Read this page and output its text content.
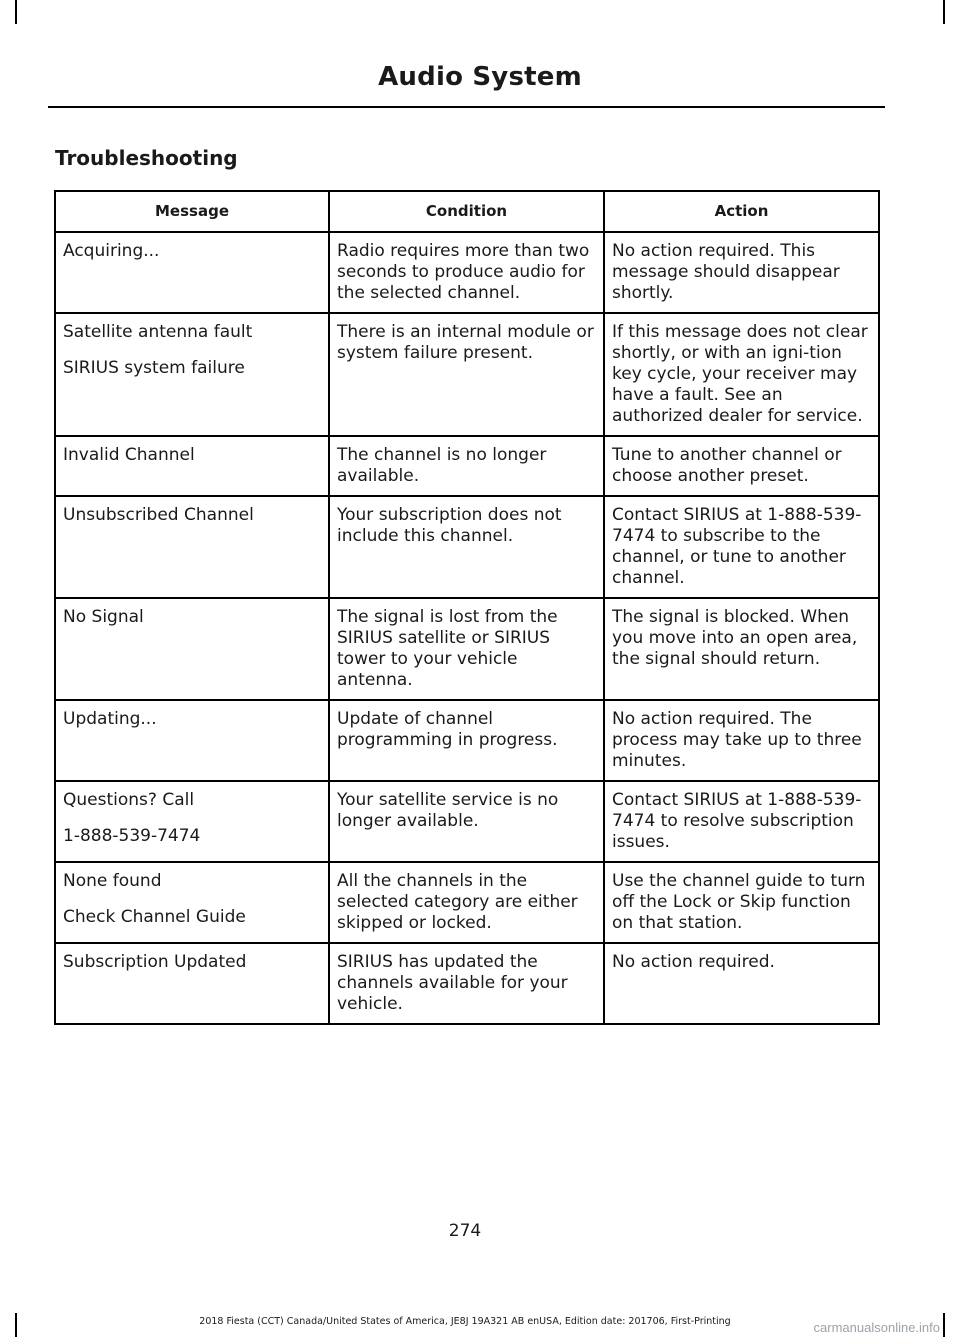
Audio System
Troubleshooting
Message	Condition	Action

Acquiring...	Radio requires more than two seconds to produce audio for the selected channel.	No action required. This message should disappear shortly.

Satellite antenna fault
SIRIUS system failure	There is an internal module or system failure present.	If this message does not clear shortly, or with an igni-tion key cycle, your receiver may have a fault. See an authorized dealer for service.

Invalid Channel	The channel is no longer available.	Tune to another channel or choose another preset.

Unsubscribed Channel	Your subscription does not include this channel.	Contact SIRIUS at 1-888-539-7474 to subscribe to the channel, or tune to another channel.

No Signal	The signal is lost from the SIRIUS satellite or SIRIUS tower to your vehicle antenna.	The signal is blocked. When you move into an open area, the signal should return.

Updating...	Update of channel programming in progress.	No action required. The process may take up to three minutes.

Questions? Call
1-888-539-7474	Your satellite service is no longer available.	Contact SIRIUS at 1-888-539-7474 to resolve subscription issues.

None found
Check Channel Guide	All the channels in the selected category are either skipped or locked.	Use the channel guide to turn off the Lock or Skip function on that station.

Subscription Updated	SIRIUS has updated the channels available for your vehicle.	No action required.
274
2018 Fiesta (CCT) Canada/United States of America, JE8J 19A321 AB enUSA, Edition date: 201706, First-Printing	carmanualsonline.info
